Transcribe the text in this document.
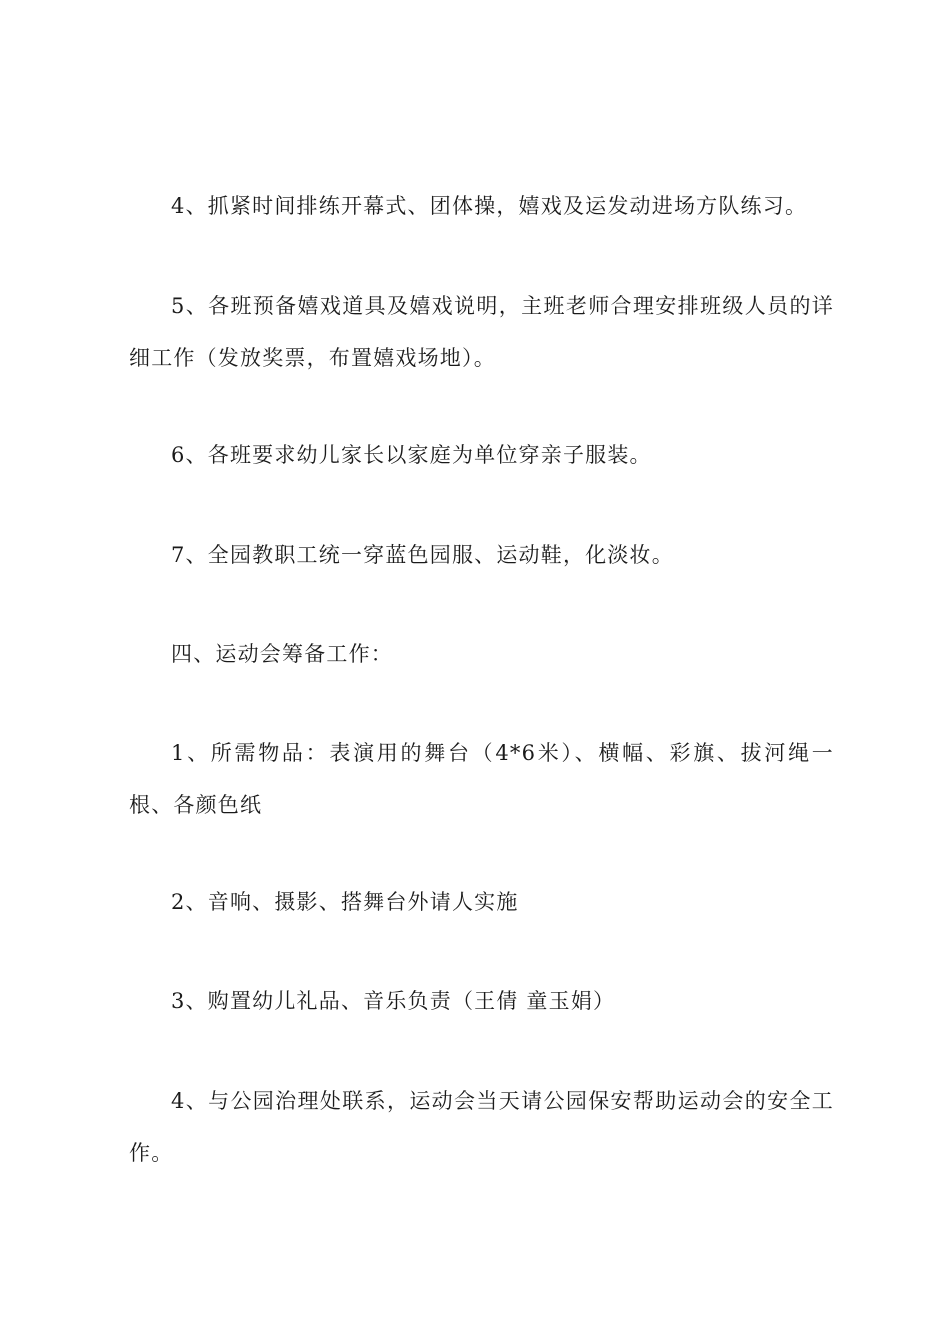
4、抓紧时间排练开幕式、团体操，嬉戏及运发动进场方队练习。

5、各班预备嬉戏道具及嬉戏说明，主班老师合理安排班级人员的详细工作（发放奖票，布置嬉戏场地）。

6、各班要求幼儿家长以家庭为单位穿亲子服装。

7、全园教职工统一穿蓝色园服、运动鞋，化淡妆。

四、运动会筹备工作：

1、所需物品：表演用的舞台（4*6米）、横幅、彩旗、拔河绳一根、各颜色纸

2、音响、摄影、搭舞台外请人实施

3、购置幼儿礼品、音乐负责（王倩 童玉娟）

4、与公园治理处联系，运动会当天请公园保安帮助运动会的安全工作。
